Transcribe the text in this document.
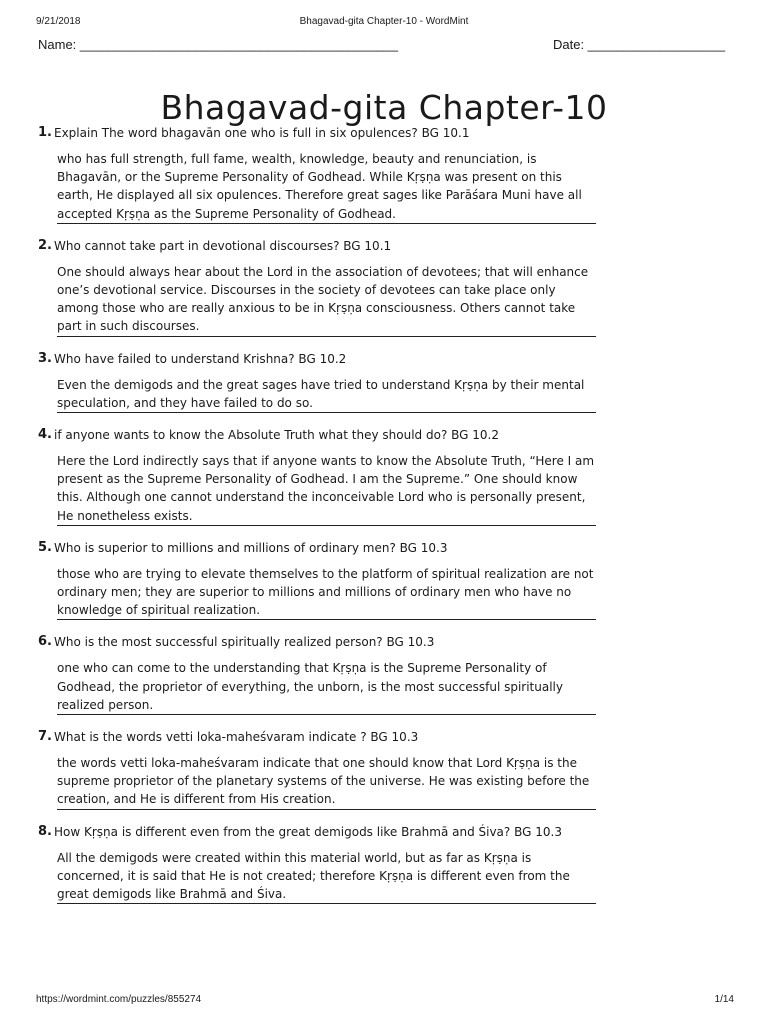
9/21/2018	Bhagavad-gita Chapter-10 - WordMint
Name: ____________________________________________	Date: ___________________
Bhagavad-gita Chapter-10
1. Explain The word bhagavān one who is full in six opulences? BG 10.1
who has full strength, full fame, wealth, knowledge, beauty and renunciation, is Bhagavān, or the Supreme Personality of Godhead. While Kṛṣṇa was present on this earth, He displayed all six opulences. Therefore great sages like Parāśara Muni have all accepted Kṛṣṇa as the Supreme Personality of Godhead.
2. Who cannot take part in devotional discourses? BG 10.1
One should always hear about the Lord in the association of devotees; that will enhance one’s devotional service. Discourses in the society of devotees can take place only among those who are really anxious to be in Kṛṣṇa consciousness. Others cannot take part in such discourses.
3. Who have failed to understand Krishna? BG 10.2
Even the demigods and the great sages have tried to understand Kṛṣṇa by their mental speculation, and they have failed to do so.
4. if anyone wants to know the Absolute Truth what they should do? BG 10.2
Here the Lord indirectly says that if anyone wants to know the Absolute Truth, “Here I am present as the Supreme Personality of Godhead. I am the Supreme.” One should know this. Although one cannot understand the inconceivable Lord who is personally present, He nonetheless exists.
5. Who is superior to millions and millions of ordinary men? BG 10.3
those who are trying to elevate themselves to the platform of spiritual realization are not ordinary men; they are superior to millions and millions of ordinary men who have no knowledge of spiritual realization.
6. Who is the most successful spiritually realized person? BG 10.3
one who can come to the understanding that Kṛṣṇa is the Supreme Personality of Godhead, the proprietor of everything, the unborn, is the most successful spiritually realized person.
7. What is the words vetti loka-maheśvaram indicate ? BG 10.3
the words vetti loka-maheśvaram indicate that one should know that Lord Kṛṣṇa is the supreme proprietor of the planetary systems of the universe. He was existing before the creation, and He is different from His creation.
8. How Kṛṣṇa is different even from the great demigods like Brahmā and Śiva? BG 10.3
All the demigods were created within this material world, but as far as Kṛṣṇa is concerned, it is said that He is not created; therefore Kṛṣṇa is different even from the great demigods like Brahmā and Śiva.
https://wordmint.com/puzzles/855274	1/14
